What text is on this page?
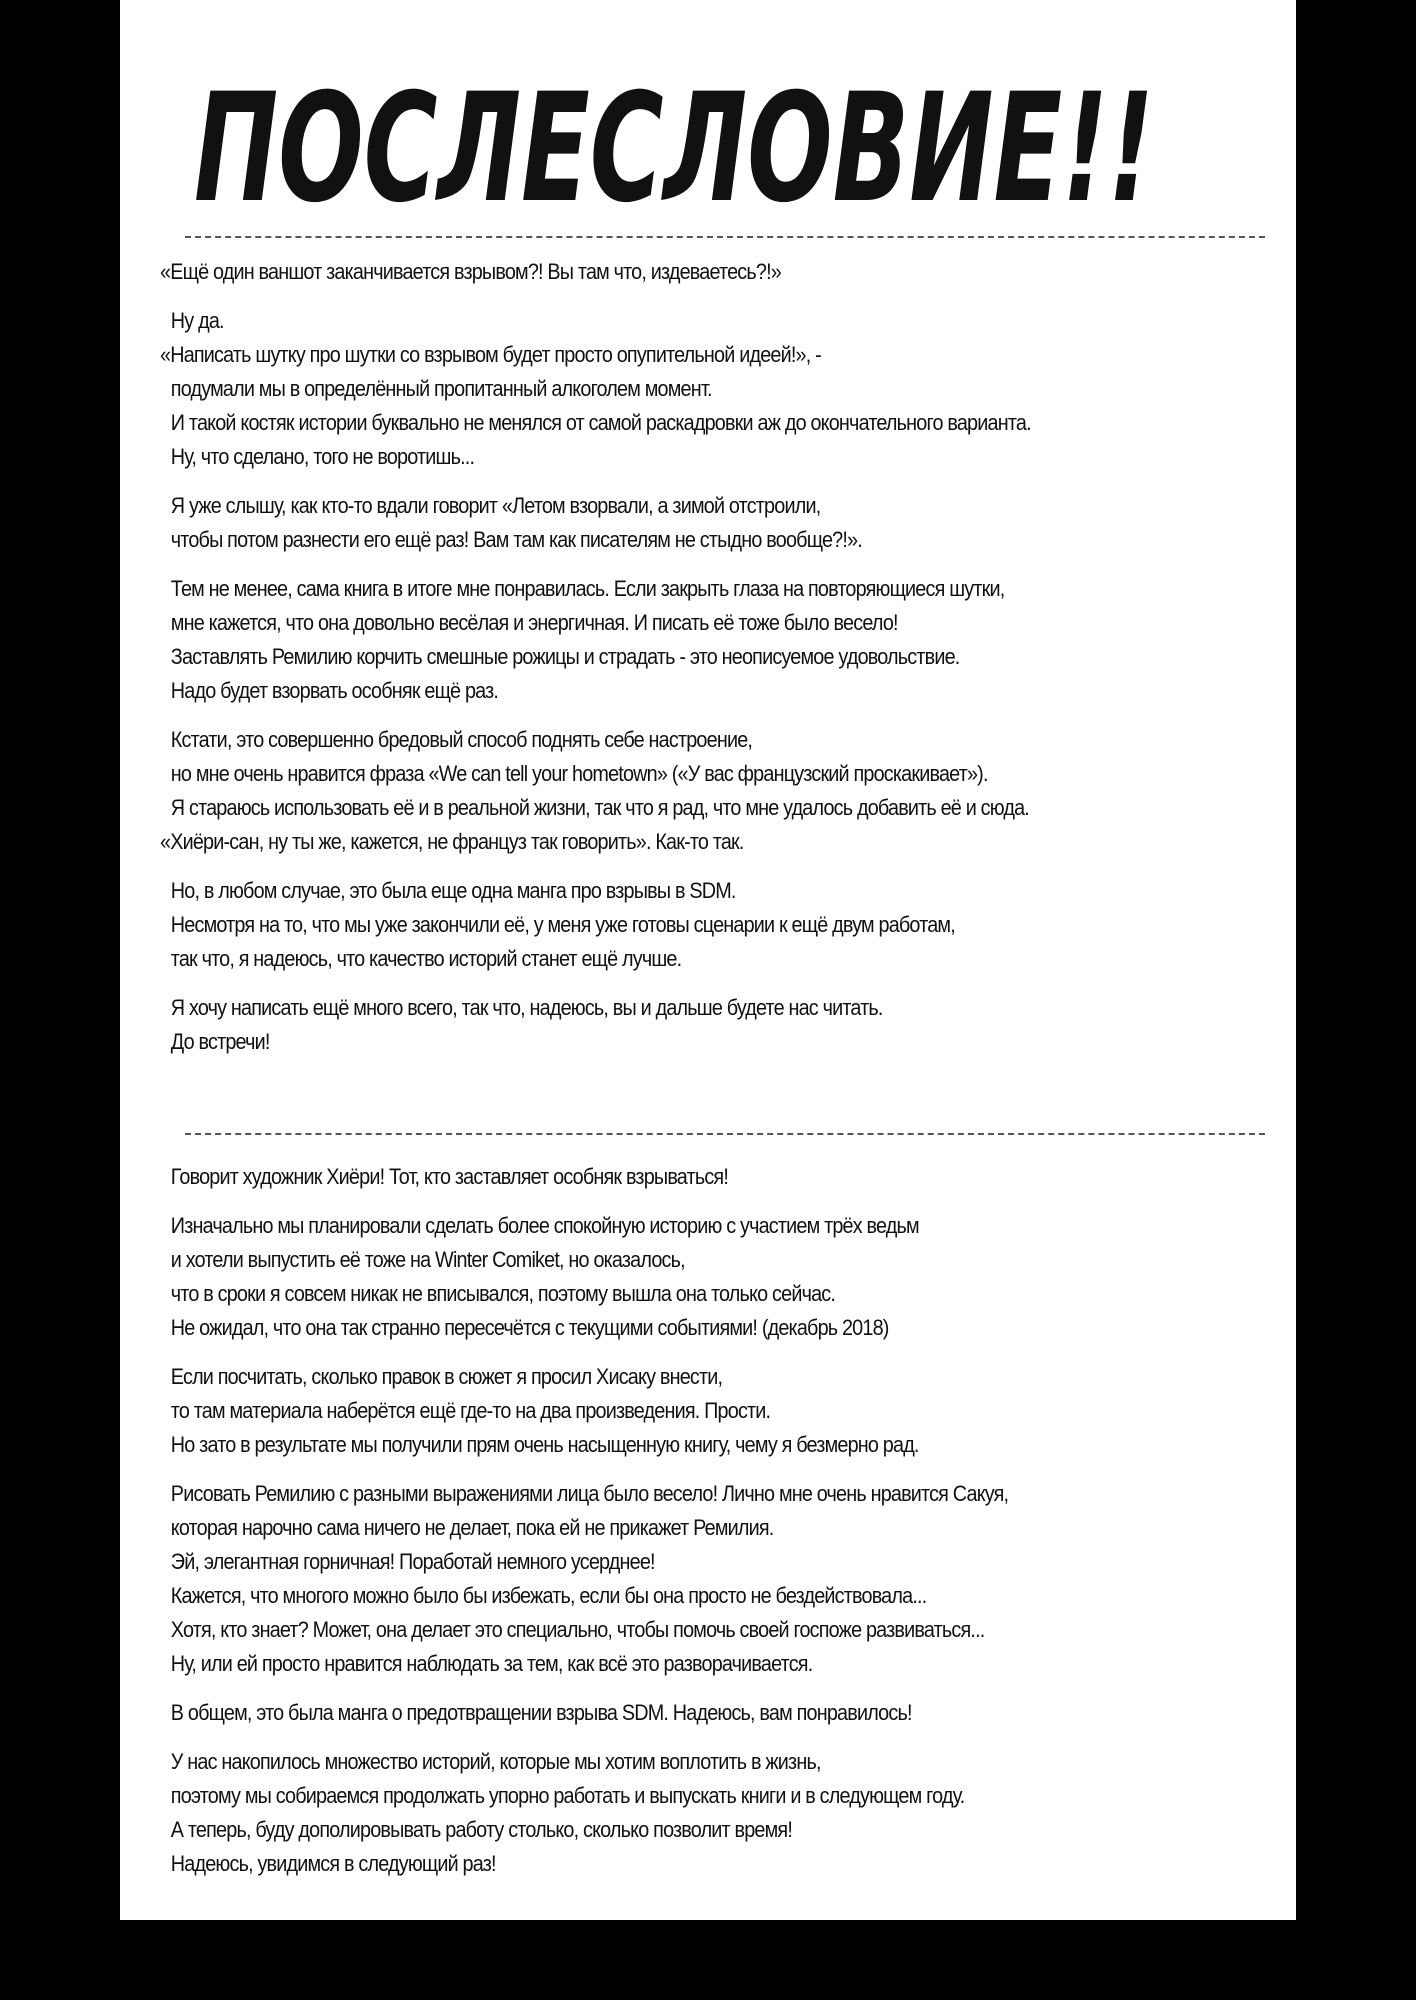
ПОСЛЕСЛОВИЕ!!
«Ещё один ваншот заканчивается взрывом?! Вы там что, издеваетесь?!»
Ну да.
«Написать шутку про шутки со взрывом будет просто опупительной идеей!», -
подумали мы в определённый пропитанный алкоголем момент.
И такой костяк истории буквально не менялся от самой раскадровки аж до окончательного варианта.
Ну, что сделано, того не воротишь...
Я уже слышу, как кто-то вдали говорит «Летом взорвали, а зимой отстроили,
чтобы потом разнести его ещё раз! Вам там как писателям не стыдно вообще?!».
Тем не менее, сама книга в итоге мне понравилась. Если закрыть глаза на повторяющиеся шутки,
мне кажется, что она довольно весёлая и энергичная. И писать её тоже было весело!
Заставлять Ремилию корчить смешные рожицы и страдать - это неописуемое удовольствие.
Надо будет взорвать особняк ещё раз.
Кстати, это совершенно бредовый способ поднять себе настроение,
но мне очень нравится фраза «We can tell your hometown» («У вас французский проскакивает»).
Я стараюсь использовать её и в реальной жизни, так что я рад, что мне удалось добавить её и сюда.
«Хиёри-сан, ну ты же, кажется, не француз так говорить». Как-то так.
Но, в любом случае, это была еще одна манга про взрывы в SDM.
Несмотря на то, что мы уже закончили её, у меня уже готовы сценарии к ещё двум работам,
так что, я надеюсь, что качество историй станет ещё лучше.
Я хочу написать ещё много всего, так что, надеюсь, вы и дальше будете нас читать.
До встречи!
Говорит художник Хиёри! Тот, кто заставляет особняк взрываться!
Изначально мы планировали сделать более спокойную историю с участием трёх ведьм
и хотели выпустить её тоже на Winter Comiket, но оказалось,
что в сроки я совсем никак не вписывался, поэтому вышла она только сейчас.
Не ожидал, что она так странно пересечётся с текущими событиями! (декабрь 2018)
Если посчитать, сколько правок в сюжет я просил Хисаку внести,
то там материала наберётся ещё где-то на два произведения. Прости.
Но зато в результате мы получили прям очень насыщенную книгу, чему я безмерно рад.
Рисовать Ремилию с разными выражениями лица было весело! Лично мне очень нравится Сакуя,
которая нарочно сама ничего не делает, пока ей не прикажет Ремилия.
Эй, элегантная горничная! Поработай немного усерднее!
Кажется, что многого можно было бы избежать, если бы она просто не бездействовала...
Хотя, кто знает? Может, она делает это специально, чтобы помочь своей госпоже развиваться...
Ну, или ей просто нравится наблюдать за тем, как всё это разворачивается.
В общем, это была манга о предотвращении взрыва SDM. Надеюсь, вам понравилось!
У нас накопилось множество историй, которые мы хотим воплотить в жизнь,
поэтому мы собираемся продолжать упорно работать и выпускать книги и в следующем году.
А теперь, буду дополировывать работу столько, сколько позволит время!
Надеюсь, увидимся в следующий раз!
